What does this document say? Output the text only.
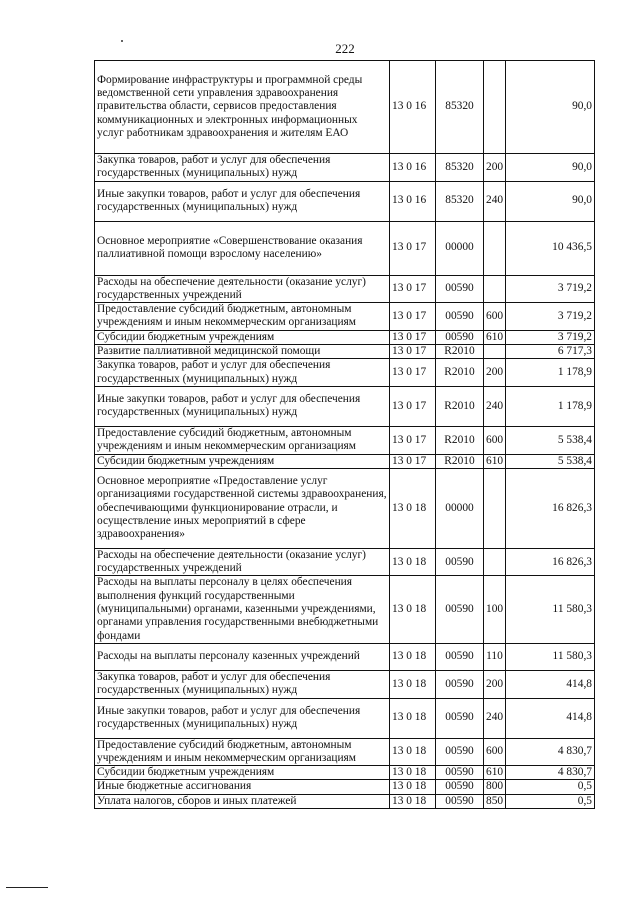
222
Формирование инфраструктуры и программной среды ведомственной сети управления здравоохранения правительства области, сервисов предоставления коммуникационных и электронных информационных услуг работникам здравоохранения и жителям ЕАО	13 0 16	85320		90,0
Закупка товаров, работ и услуг для обеспечения государственных (муниципальных) нужд	13 0 16	85320	200	90,0
Иные закупки товаров, работ и услуг для обеспечения государственных (муниципальных) нужд	13 0 16	85320	240	90,0
Основное мероприятие «Совершенствование оказания паллиативной помощи взрослому населению»	13 0 17	00000		10 436,5
Расходы на обеспечение деятельности (оказание услуг) государственных учреждений	13 0 17	00590		3 719,2
Предоставление субсидий бюджетным, автономным учреждениям и иным некоммерческим организациям	13 0 17	00590	600	3 719,2
Субсидии бюджетным учреждениям	13 0 17	00590	610	3 719,2
Развитие паллиативной медицинской помощи	13 0 17	R2010		6 717,3
Закупка товаров, работ и услуг для обеспечения государственных (муниципальных) нужд	13 0 17	R2010	200	1 178,9
Иные закупки товаров, работ и услуг для обеспечения государственных (муниципальных) нужд	13 0 17	R2010	240	1 178,9
Предоставление субсидий бюджетным, автономным учреждениям и иным некоммерческим организациям	13 0 17	R2010	600	5 538,4
Субсидии бюджетным учреждениям	13 0 17	R2010	610	5 538,4
Основное мероприятие «Предоставление услуг организациями государственной системы здравоохранения, обеспечивающими функционирование отрасли, и осуществление иных мероприятий в сфере здравоохранения»	13 0 18	00000		16 826,3
Расходы на обеспечение деятельности (оказание услуг) государственных учреждений	13 0 18	00590		16 826,3
Расходы на выплаты персоналу в целях обеспечения выполнения функций государственными (муниципальными) органами, казенными учреждениями, органами управления государственными внебюджетными фондами	13 0 18	00590	100	11 580,3
Расходы на выплаты персоналу казенных учреждений	13 0 18	00590	110	11 580,3
Закупка товаров, работ и услуг для обеспечения государственных (муниципальных) нужд	13 0 18	00590	200	414,8
Иные закупки товаров, работ и услуг для обеспечения государственных (муниципальных) нужд	13 0 18	00590	240	414,8
Предоставление субсидий бюджетным, автономным учреждениям и иным некоммерческим организациям	13 0 18	00590	600	4 830,7
Субсидии бюджетным учреждениям	13 0 18	00590	610	4 830,7
Иные бюджетные ассигнования	13 0 18	00590	800	0,5
Уплата налогов, сборов и иных платежей	13 0 18	00590	850	0,5
